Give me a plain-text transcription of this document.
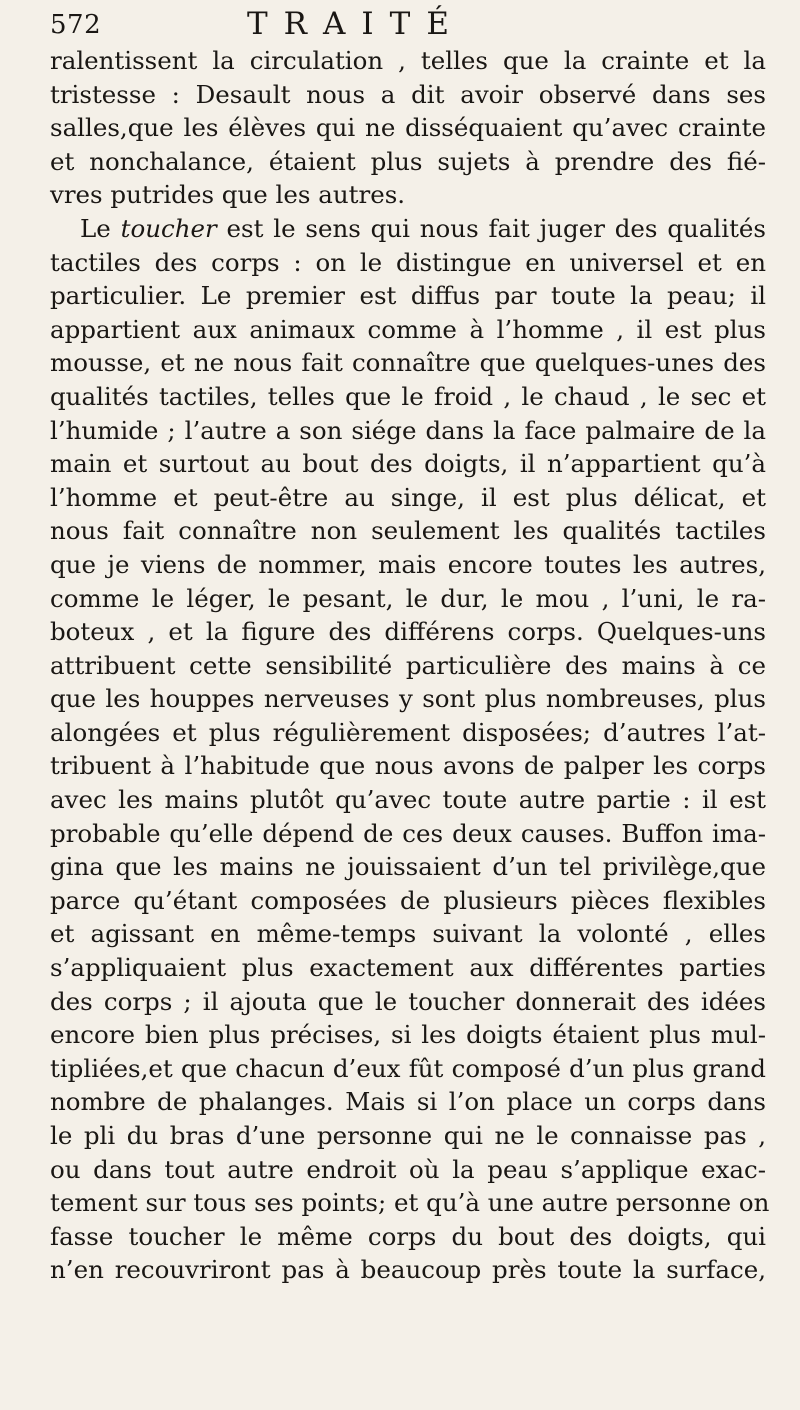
572	TRAITÉ
ralentissent la circulation , telles que la crainte et la
tristesse : Desault nous a dit avoir observé dans ses
salles,que les élèves qui ne disséquaient qu’avec crainte
et nonchalance, étaient plus sujets à prendre des fié-
vres putrides que les autres.
Le toucher est le sens qui nous fait juger des qualités
tactiles des corps : on le distingue en universel et en
particulier. Le premier est diffus par toute la peau; il
appartient aux animaux comme à l’homme , il est plus
mousse, et ne nous fait connaître que quelques-unes des
qualités tactiles, telles que le froid , le chaud , le sec et
l’humide ; l’autre a son siége dans la face palmaire de la
main et surtout au bout des doigts, il n’appartient qu’à
l’homme et peut-être au singe, il est plus délicat, et
nous fait connaître non seulement les qualités tactiles
que je viens de nommer, mais encore toutes les autres,
comme le léger, le pesant, le dur, le mou , l’uni, le ra-
boteux , et la figure des différens corps. Quelques-uns
attribuent cette sensibilité particulière des mains à ce
que les houppes nerveuses y sont plus nombreuses, plus
alongées et plus régulièrement disposées; d’autres l’at-
tribuent à l’habitude que nous avons de palper les corps
avec les mains plutôt qu’avec toute autre partie : il est
probable qu’elle dépend de ces deux causes. Buffon ima-
gina que les mains ne jouissaient d’un tel privilège,que
parce qu’étant composées de plusieurs pièces flexibles
et agissant en même-temps suivant la volonté , elles
s’appliquaient plus exactement aux différentes parties
des corps ; il ajouta que le toucher donnerait des idées
encore bien plus précises, si les doigts étaient plus mul-
tipliées,et que chacun d’eux fût composé d’un plus grand
nombre de phalanges. Mais si l’on place un corps dans
le pli du bras d’une personne qui ne le connaisse pas ,
ou dans tout autre endroit où la peau s’applique exac-
tement sur tous ses points; et qu’à une autre personne on
fasse toucher le même corps du bout des doigts, qui
n’en recouvriront pas à beaucoup près toute la surface,
